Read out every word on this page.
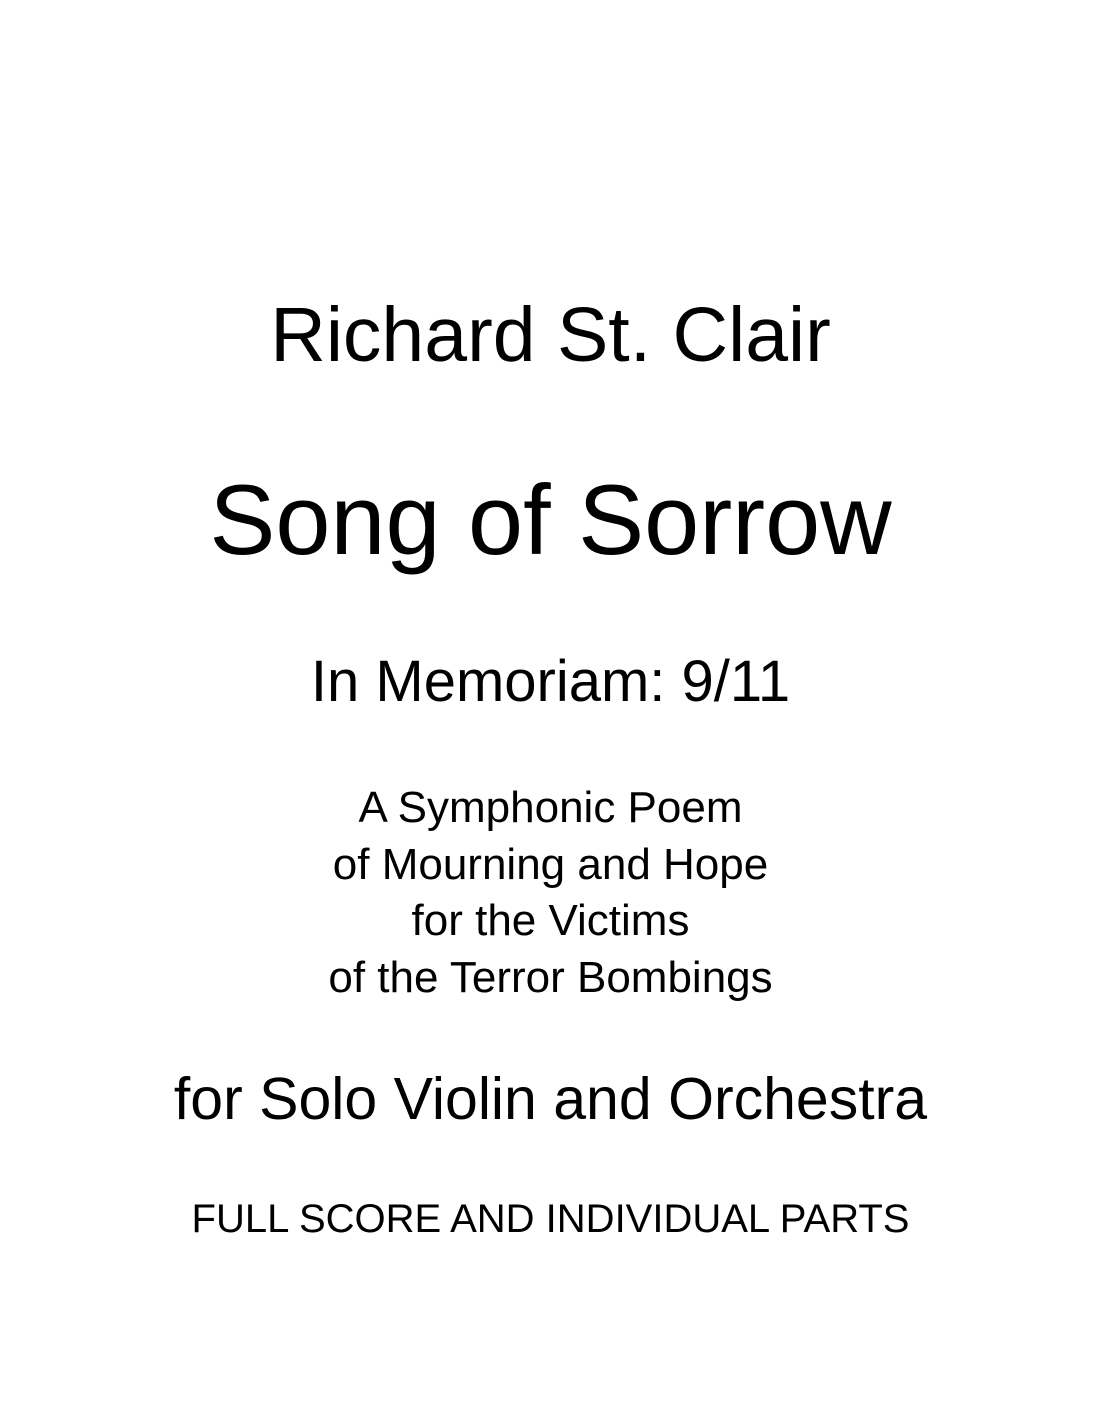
Richard St. Clair
Song of Sorrow
In Memoriam: 9/11
A Symphonic Poem
of Mourning and Hope
for the Victims
of the Terror Bombings
for Solo Violin and Orchestra
FULL SCORE AND INDIVIDUAL PARTS
